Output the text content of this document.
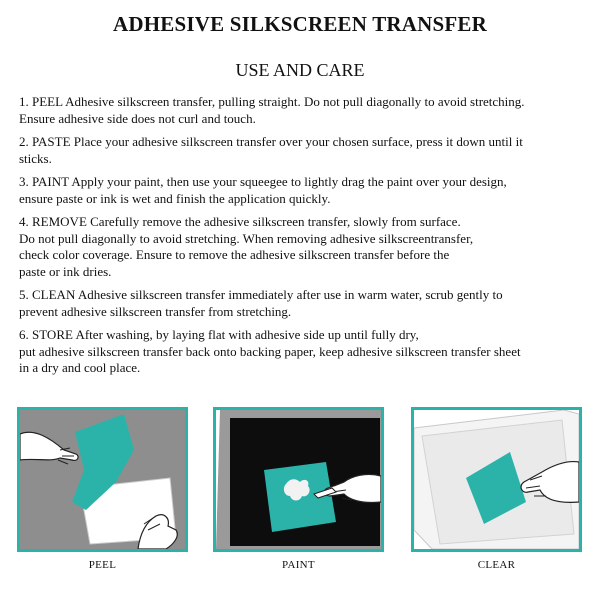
ADHESIVE SILKSCREEN TRANSFER
USE AND CARE
1. PEEL Adhesive silkscreen transfer, pulling straight. Do not pull diagonally to avoid stretching.
Ensure adhesive side does not curl and touch.
2. PASTE Place your adhesive silkscreen transfer over your chosen surface, press it down until it
sticks.
3. PAINT Apply your paint, then use your squeegee to lightly drag the paint over your design,
ensure paste or ink is wet and finish the application quickly.
4. REMOVE Carefully remove the adhesive silkscreen transfer, slowly from surface.
Do not pull diagonally to avoid stretching. When removing adhesive silkscreentransfer,
check color coverage. Ensure to remove the adhesive silkscreen transfer before the
paste or ink dries.
5. CLEAN Adhesive silkscreen transfer immediately after use in warm water, scrub gently to
prevent adhesive silkscreen transfer from stretching.
6. STORE After washing, by laying flat with adhesive side up until fully dry,
put adhesive silkscreen transfer back onto backing paper, keep adhesive silkscreen transfer sheet
in a dry and cool place.
PEEL	PAINT	CLEAR
